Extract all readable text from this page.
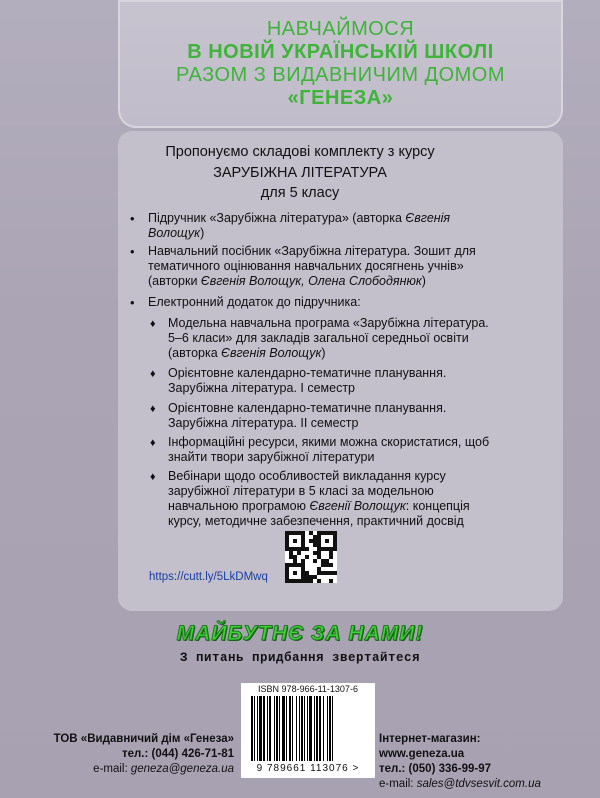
НАВЧАЙМОСЯ
В НОВІЙ УКРАЇНСЬКІЙ ШКОЛІ
РАЗОМ З ВИДАВНИЧИМ ДОМОМ
«ГЕНЕЗА»
Пропонуємо складові комплекту з курсу
ЗАРУБІЖНА ЛІТЕРАТУРА
для 5 класу
• Підручник «Зарубіжна література» (авторка Євгенія
Волощук)
• Навчальний посібник «Зарубіжна література. Зошит для
тематичного оцінювання навчальних досягнень учнів»
(авторки Євгенія Волощук, Олена Слободянюк)
• Електронний додаток до підручника:
♦ Модельна навчальна програма «Зарубіжна література.
5–6 класи» для закладів загальної середньої освіти
(авторка Євгенія Волощук)
♦ Орієнтовне календарно-тематичне планування.
Зарубіжна література. I семестр
♦ Орієнтовне календарно-тематичне планування.
Зарубіжна література. II семестр
♦ Інформаційні ресурси, якими можна скористатися, щоб
знайти твори зарубіжної літератури
♦ Вебінари щодо особливостей викладання курсу
зарубіжної літератури в 5 класі за модельною
навчальною програмою Євгенії Волощук: концепція
курсу, методичне забезпечення, практичний досвід
https://cutt.ly/5LkDMwq
МАЙБУТНЄ ЗА НАМИ!
З питань придбання звертайтеся
ISBN 978-966-11-1307-6
9 789661 113076 >
ТОВ «Видавничий дім «Генеза»
тел.: (044) 426-71-81
e-mail: geneza@geneza.ua
Інтернет-магазин:
www.geneza.ua
тел.: (050) 336-99-97
e-mail: sales@tdvsesvit.com.ua
